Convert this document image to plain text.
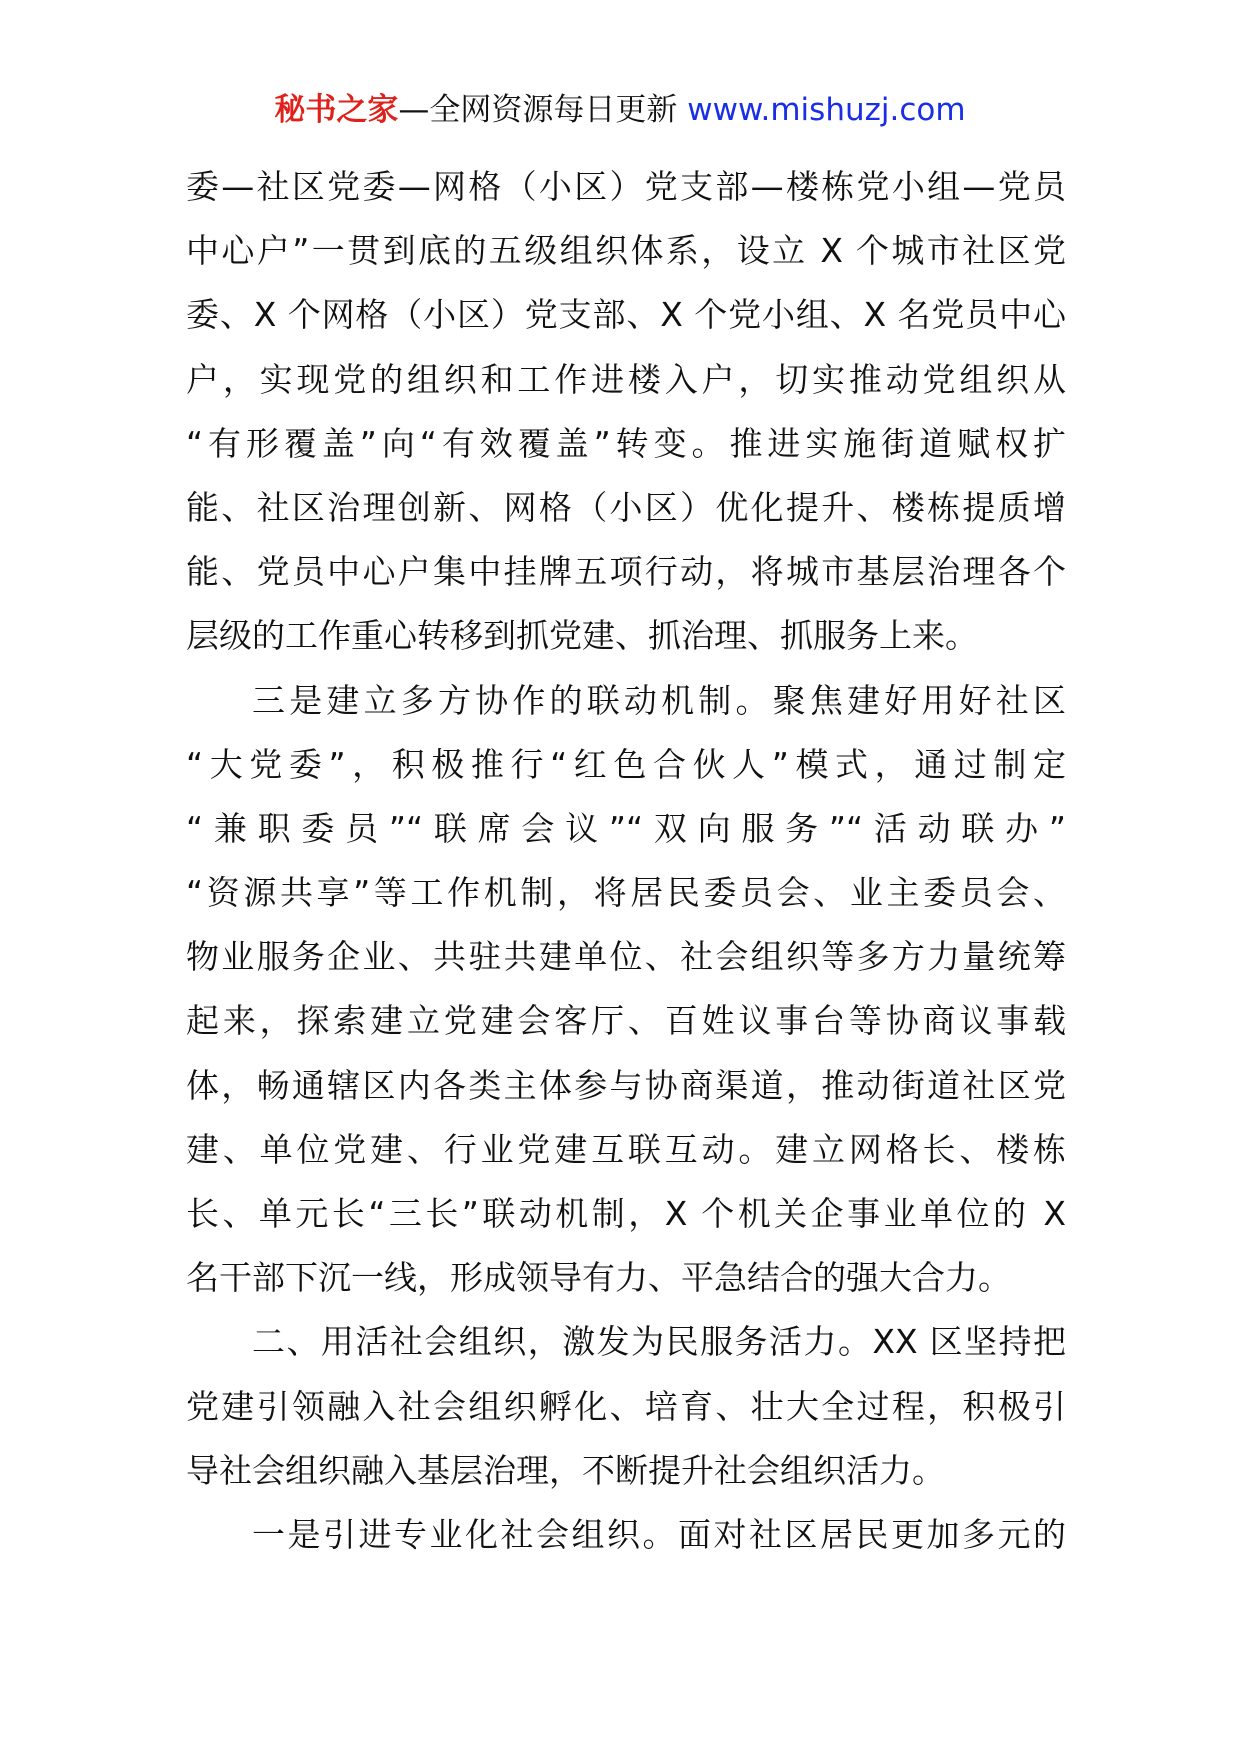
秘书之家—全网资源每日更新 www.mishuzj.com
委—社区党委—网格（小区）党支部—楼栋党小组—党员
中心户”一贯到底的五级组织体系，设立 X 个城市社区党
委、X 个网格（小区）党支部、X 个党小组、X 名党员中心
户，实现党的组织和工作进楼入户，切实推动党组织从
“有形覆盖”向“有效覆盖”转变。推进实施街道赋权扩
能、社区治理创新、网格（小区）优化提升、楼栋提质增
能、党员中心户集中挂牌五项行动，将城市基层治理各个
层级的工作重心转移到抓党建、抓治理、抓服务上来。
三是建立多方协作的联动机制。聚焦建好用好社区
“大党委”，积极推行“红色合伙人”模式，通过制定
“兼职委员”“联席会议”“双向服务”“活动联办”
“资源共享”等工作机制，将居民委员会、业主委员会、
物业服务企业、共驻共建单位、社会组织等多方力量统筹
起来，探索建立党建会客厅、百姓议事台等协商议事载
体，畅通辖区内各类主体参与协商渠道，推动街道社区党
建、单位党建、行业党建互联互动。建立网格长、楼栋
长、单元长“三长”联动机制，X 个机关企事业单位的 X
名干部下沉一线，形成领导有力、平急结合的强大合力。
二、用活社会组织，激发为民服务活力。XX 区坚持把
党建引领融入社会组织孵化、培育、壮大全过程，积极引
导社会组织融入基层治理，不断提升社会组织活力。
一是引进专业化社会组织。面对社区居民更加多元的
